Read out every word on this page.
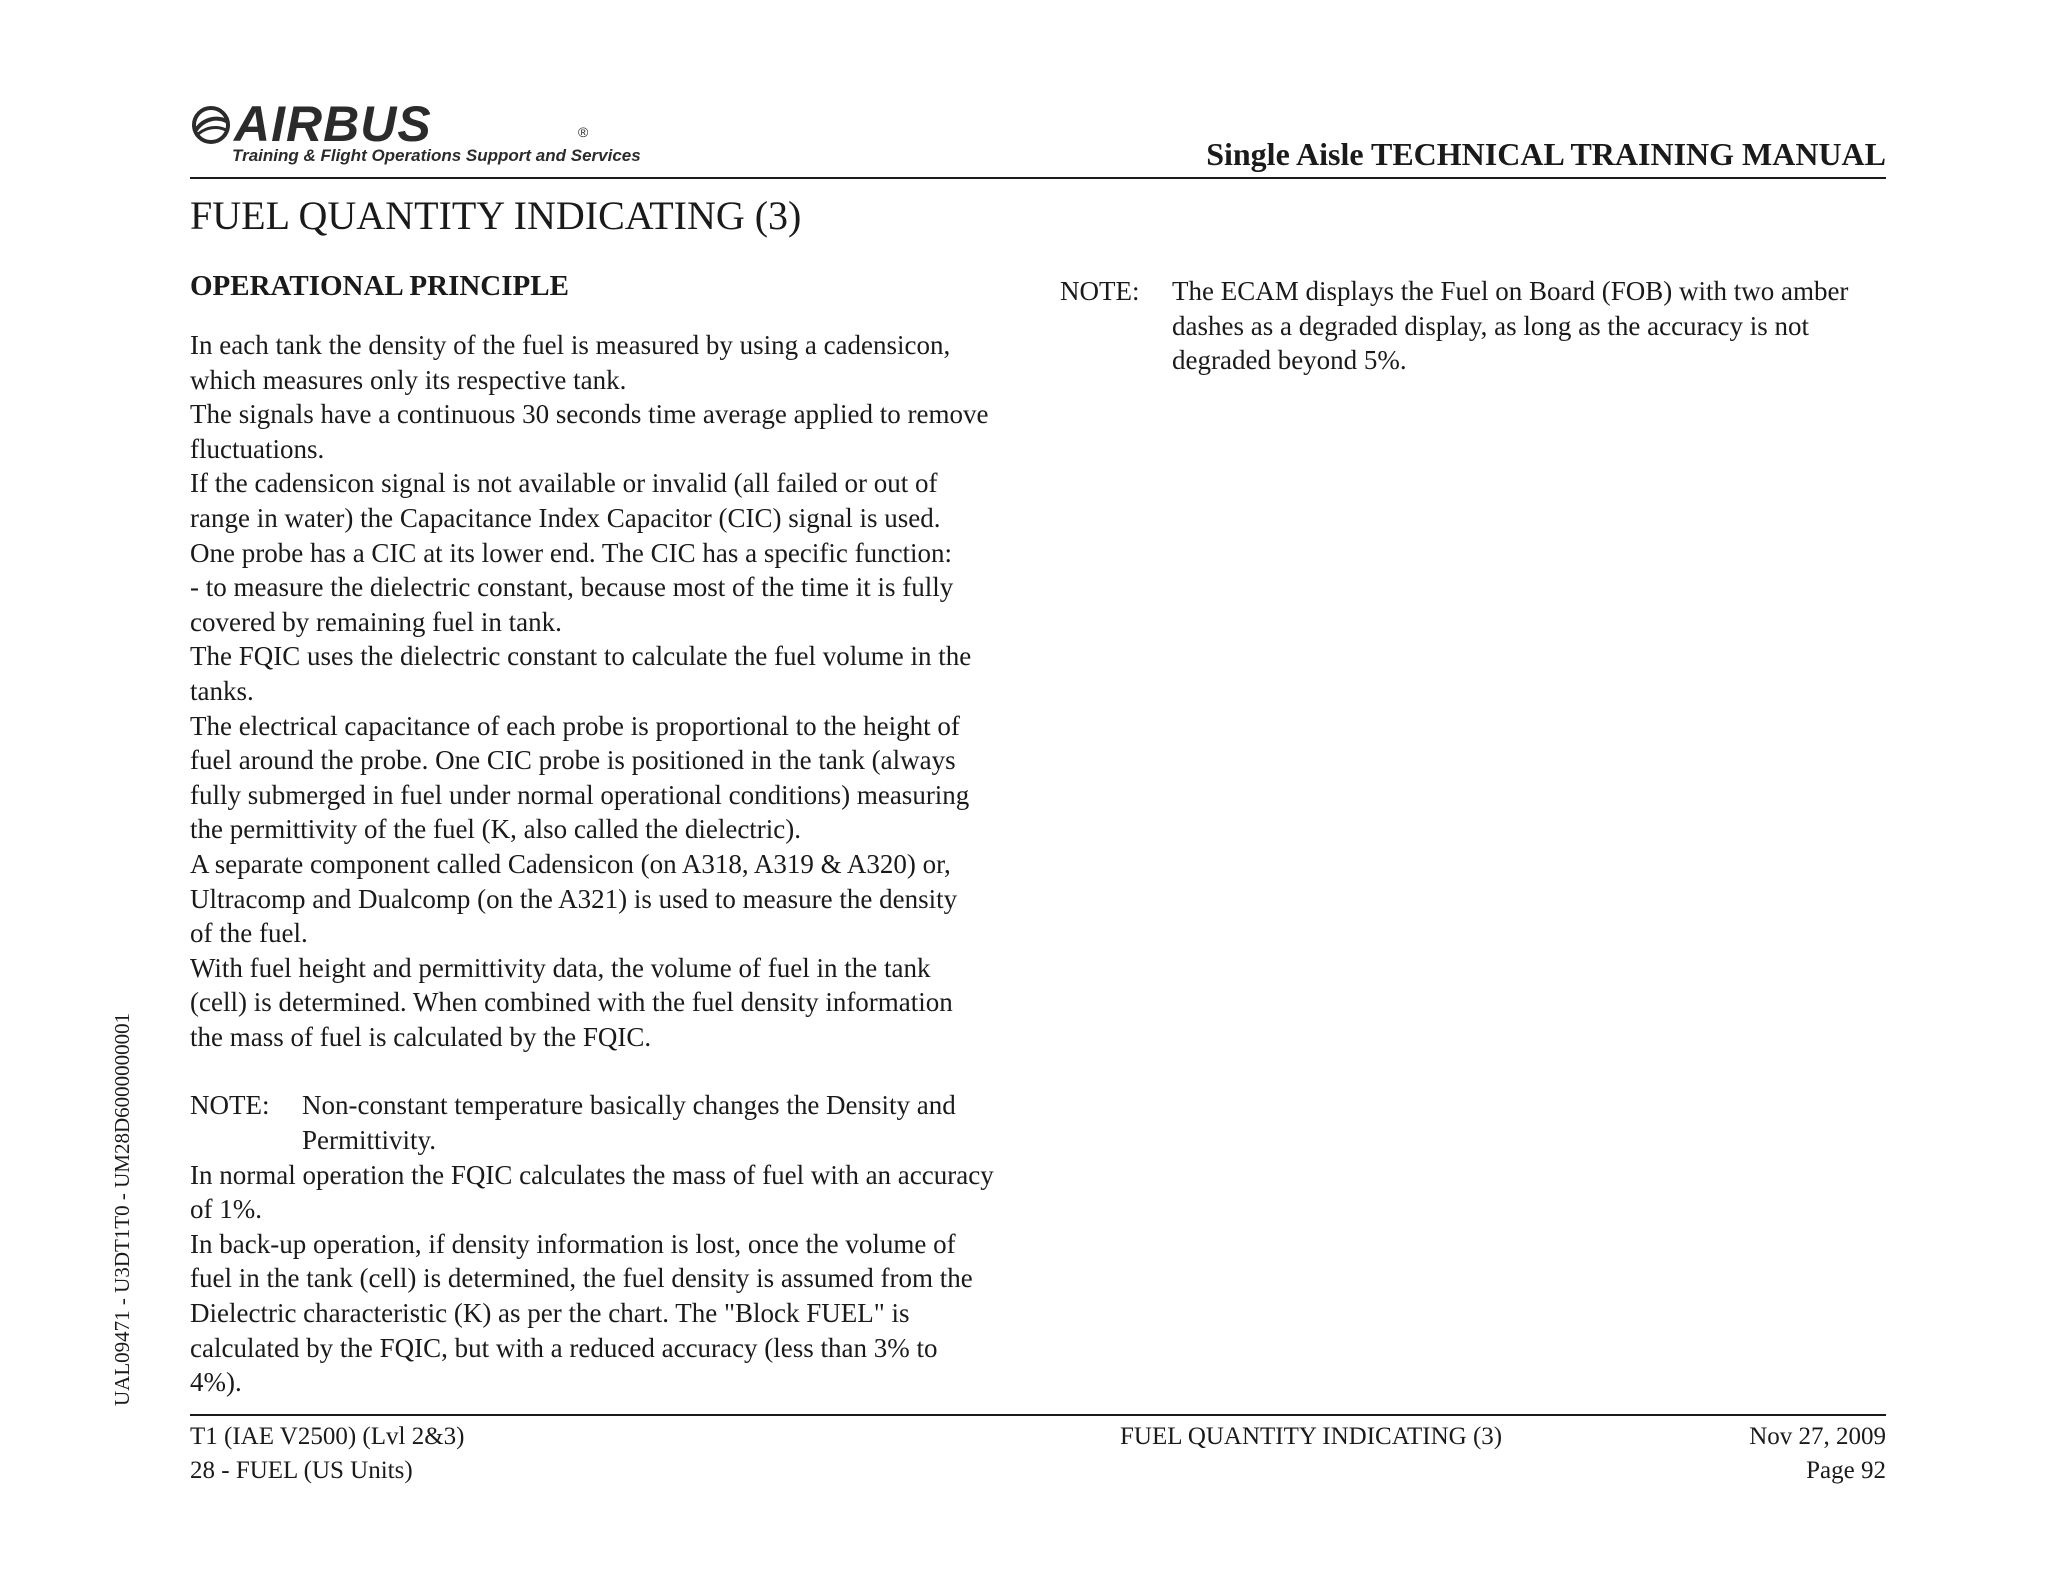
AIRBUS	®
Training & Flight Operations Support and Services	Single Aisle TECHNICAL TRAINING MANUAL
FUEL QUANTITY INDICATING (3)
OPERATIONAL PRINCIPLE
In each tank the density of the fuel is measured by using a cadensicon,
which measures only its respective tank.
The signals have a continuous 30 seconds time average applied to remove
fluctuations.
If the cadensicon signal is not available or invalid (all failed or out of
range in water) the Capacitance Index Capacitor (CIC) signal is used.
One probe has a CIC at its lower end. The CIC has a specific function:
- to measure the dielectric constant, because most of the time it is fully
covered by remaining fuel in tank.
The FQIC uses the dielectric constant to calculate the fuel volume in the
tanks.
The electrical capacitance of each probe is proportional to the height of
fuel around the probe. One CIC probe is positioned in the tank (always
fully submerged in fuel under normal operational conditions) measuring
the permittivity of the fuel (K, also called the dielectric).
A separate component called Cadensicon (on A318, A319 & A320) or,
Ultracomp and Dualcomp (on the A321) is used to measure the density
of the fuel.
With fuel height and permittivity data, the volume of fuel in the tank
(cell) is determined. When combined with the fuel density information
the mass of fuel is calculated by the FQIC.
NOTE:	Non-constant temperature basically changes the Density and
Permittivity.
In normal operation the FQIC calculates the mass of fuel with an accuracy
of 1%.
In back-up operation, if density information is lost, once the volume of
fuel in the tank (cell) is determined, the fuel density is assumed from the
Dielectric characteristic (K) as per the chart. The "Block FUEL" is
calculated by the FQIC, but with a reduced accuracy (less than 3% to
4%).
NOTE:	The ECAM displays the Fuel on Board (FOB) with two amber
dashes as a degraded display, as long as the accuracy is not
degraded beyond 5%.
UAL09471 - U3DT1T0 - UM28D6000000001
T1 (IAE V2500) (Lvl 2&3)
28 - FUEL (US Units)
FUEL QUANTITY INDICATING (3)	Nov 27, 2009
Page 92
